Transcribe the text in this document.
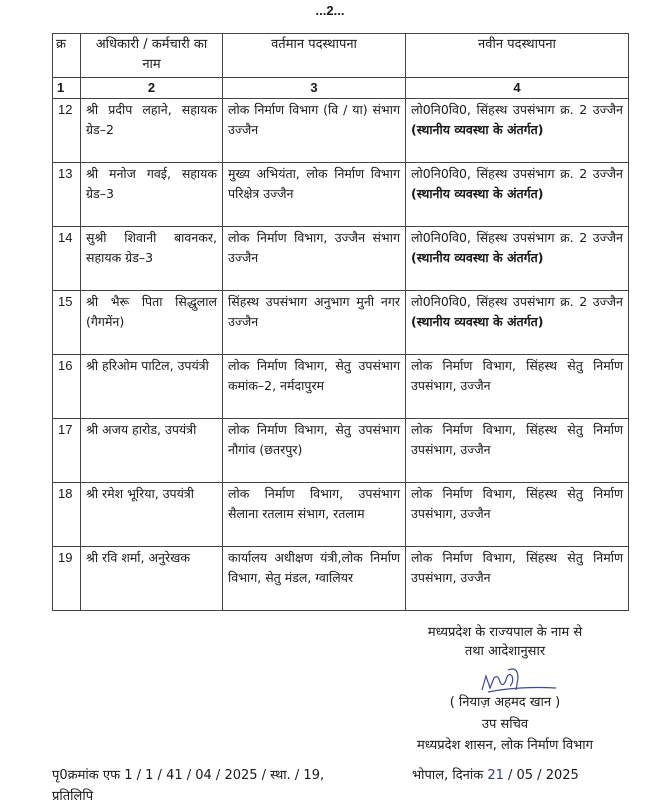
...2...
क्र	अधिकारी / कर्मचारी का नाम	वर्तमान पदस्थापना	नवीन पदस्थापना
1	2	3	4
12	श्री प्रदीप लहाने, सहायक ग्रेड–2	लोक निर्माण विभाग (वि / या) संभाग उज्जैन	लो0नि0वि0, सिंहस्थ उपसंभाग क्र. 2 उज्जैन (स्थानीय व्यवस्था के अंतर्गत)
13	श्री मनोज गवई, सहायक ग्रेड–3	मुख्य अभियंता, लोक निर्माण विभाग परिक्षेत्र उज्जैन	लो0नि0वि0, सिंहस्थ उपसंभाग क्र. 2 उज्जैन (स्थानीय व्यवस्था के अंतर्गत)
14	सुश्री शिवानी बावनकर, सहायक ग्रेड–3	लोक निर्माण विभाग, उज्जैन संभाग उज्जैन	लो0नि0वि0, सिंहस्थ उपसंभाग क्र. 2 उज्जैन (स्थानीय व्यवस्था के अंतर्गत)
15	श्री भैरू पिता सिद्धुलाल (गैगमेंन)	सिंहस्थ उपसंभाग अनुभाग मुनी नगर उज्जैन	लो0नि0वि0, सिंहस्थ उपसंभाग क्र. 2 उज्जैन (स्थानीय व्यवस्था के अंतर्गत)
16	श्री हरिओम पाटिल, उपयंत्री	लोक निर्माण विभाग, सेतु उपसंभाग कमांक–2, नर्मदापुरम	लोक निर्माण विभाग, सिंहस्थ सेतु निर्माण उपसंभाग, उज्जैन
17	श्री अजय हारोड, उपयंत्री	लोक निर्माण विभाग, सेतु उपसंभाग नौगांव (छतरपुर)	लोक निर्माण विभाग, सिंहस्थ सेतु निर्माण उपसंभाग, उज्जैन
18	श्री रमेश भूरिया, उपयंत्री	लोक निर्माण विभाग, उपसंभाग सैलाना रतलाम संभाग, रतलाम	लोक निर्माण विभाग, सिंहस्थ सेतु निर्माण उपसंभाग, उज्जैन
19	श्री रवि शर्मा, अनुरेखक	कार्यालय अधीक्षण यंत्री,लोक निर्माण विभाग, सेतु मंडल, ग्वालियर	लोक निर्माण विभाग, सिंहस्थ सेतु निर्माण उपसंभाग, उज्जैन
मध्यप्रदेश के राज्यपाल के नाम से
तथा आदेशानुसार
( नियाज़ अहमद खान )
उप सचिव
मध्यप्रदेश शासन, लोक निर्माण विभाग
पृ0क्रमांक एफ 1 / 1 / 41 / 04 / 2025 / स्था. / 19,	भोपाल, दिनांक 21 / 05 / 2025
प्रतिलिपि
